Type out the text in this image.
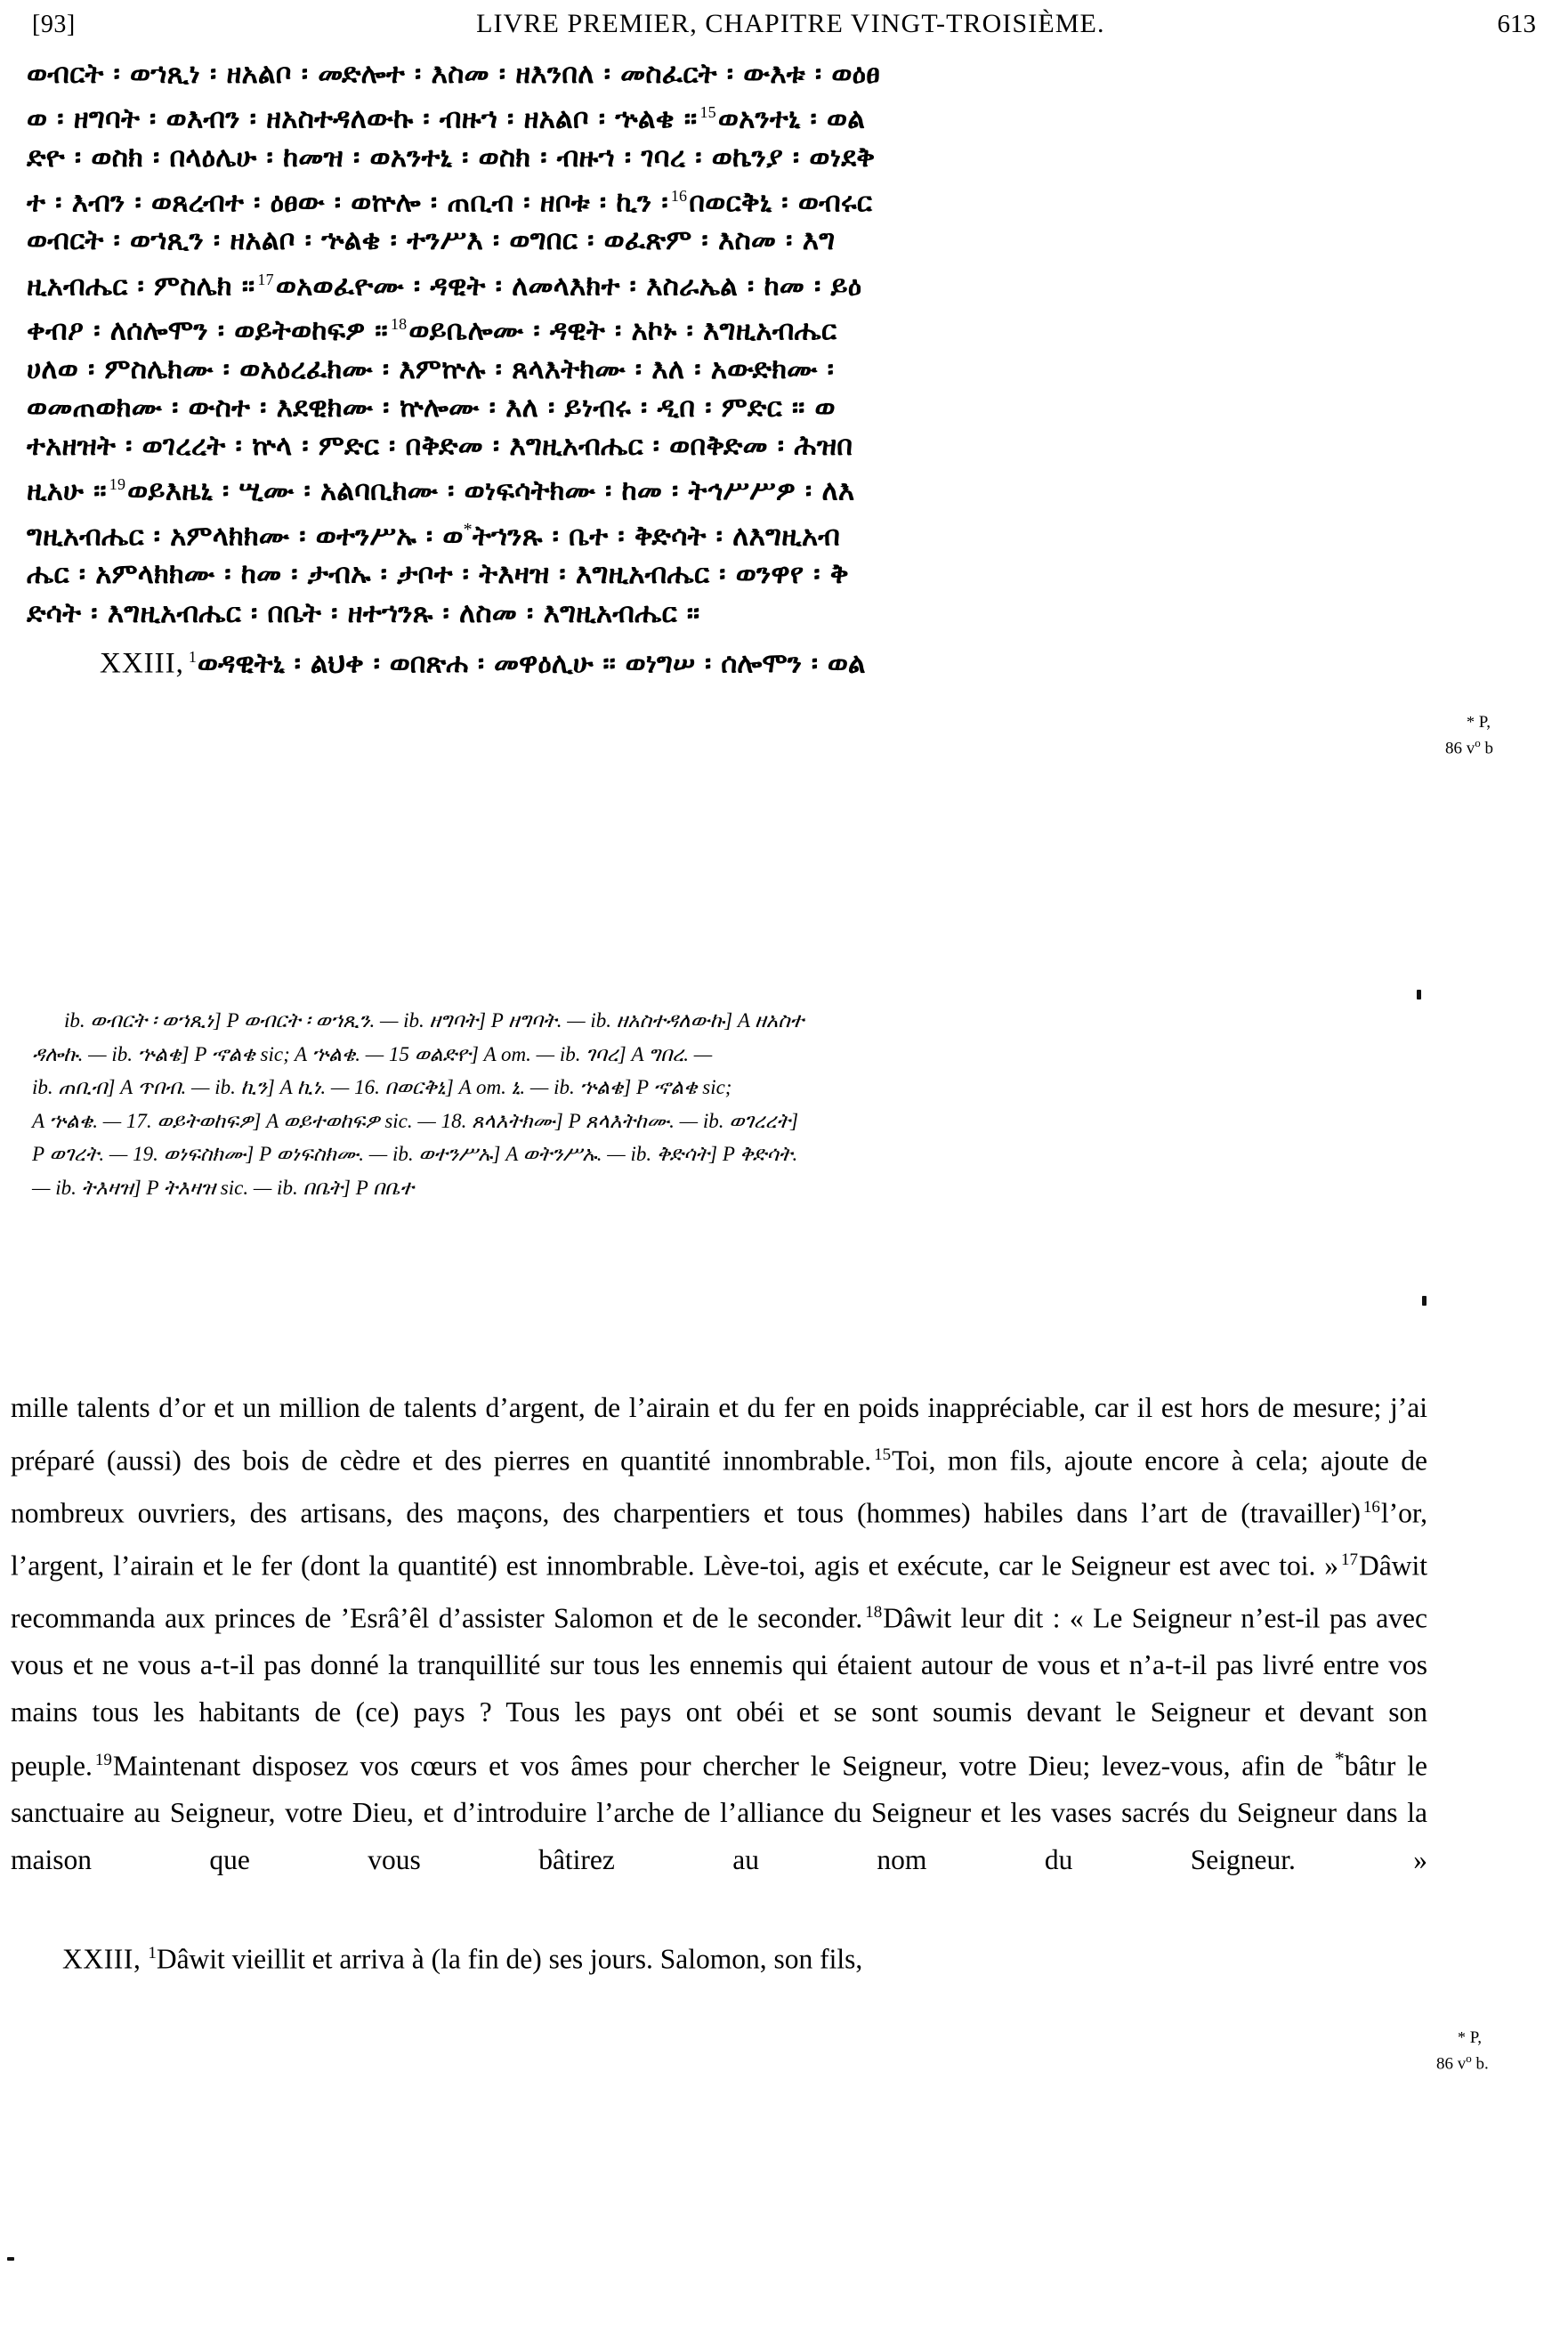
[93]	LIVRE PREMIER, CHAPITRE VINGT-TROISIÈME.	613
ወብርት ፡ ወኀጺነ ፡ ዘአልቦ ፡ መድሎተ ፡ እስመ ፡ ዘእንበለ ፡ መስፈርት ፡ ውእቱ ፡ ወዕፀ
ወ ፡ ዘግባት ፡ ወእብን ፡ ዘአስተዳለውኩ ፡ ብዙኀ ፡ ዘአልቦ ፡ ኍልቄ ። $^{15}$ወአንተኒ ፡ ወል
ድዮ ፡ ወስክ ፡ በላዕሌሁ ፡ ከመዝ ፡ ወአንተኒ ፡ ወስክ ፡ ብዙኀ ፡ ገባረ ፡ ወኬንያ ፡ ወነደቅ
ተ ፡ እብን ፡ ወጸረብተ ፡ ዕፀው ፡ ወኵሎ ፡ ጠቢብ ፡ ዘቦቱ ፡ ኪን ፡ $^{16}$በወርቅኒ ፡ ወብሩር
ወብርት ፡ ወኀጺን ፡ ዘአልቦ ፡ ኍልቄ ፡ ተንሥእ ፡ ወግበር ፡ ወፈጽም ፡ እስመ ፡ እግ
ዚአብሔር ፡ ምስሌክ ። $^{17}$ወአወፈዮሙ ፡ ዳዊት ፡ ለመላእክተ ፡ እስራኤል ፡ ከመ ፡ ይዕ
ቀብዖ ፡ ለሰሎሞን ፡ ወይትወከፍዎ ። $^{18}$ወይቤሎሙ ፡ ዳዊት ፡ አኮኑ ፡ እግዚአብሔር
ሀለወ ፡ ምስሌክሙ ፡ ወአዕረፈክሙ ፡ እምኵሉ ፡ ጸላእትክሙ ፡ እለ ፡ አውድክሙ ፡
ወመጠወክሙ ፡ ውስተ ፡ እደዊክሙ ፡ ኵሎሙ ፡ እለ ፡ ይነብሩ ፡ ዲበ ፡ ምድር ። ወ
ተአዘዝት ፡ ወገረረት ፡ ኵላ ፡ ምድር ፡ በቅድመ ፡ እግዚአብሔር ፡ ወበቅድመ ፡ ሕዝበ
ዚአሁ ። $^{19}$ወይእዜኒ ፡ ሢሙ ፡ አልባቢክሙ ፡ ወነፍሳትክሙ ፡ ከመ ፡ ትኅሥሥዎ ፡ ለእ
ግዚአብሔር ፡ አምላክክሙ ፡ ወተንሥኡ ፡ ወ*ትኀንጹ ፡ ቤተ ፡ ቅድሳት ፡ ለእግዚአብ
ሔር ፡ አምላክክሙ ፡ ከመ ፡ ታብኡ ፡ ታቦተ ፡ ትእዛዝ ፡ እግዚአብሔር ፡ ወንዋየ ፡ ቅ
ድሳት ፡ እግዚአብሔር ፡ በቤት ፡ ዘተኀንጹ ፡ ለስመ ፡ እግዚአብሔር ።
XXIII, $^1$ወዳዊትኒ ፡ ልህቀ ፡ ወበጽሐ ፡ መዋዕሊሁ ። ወነግሠ ፡ ሰሎሞን ፡ ወል
* P,
86 $v^o$ b
* P,
86 $v^o$ b.
ib. ወብርት ፡ ወኀጺነ] P ወብርት ፡ ወኀጺን. — ib. ዘግባት] P ዘግባት. — ib. ዘአስተዳለውኩ] A ዘአስተ
ዳሎኩ. — ib. ኍልቄ] P ኆልቄ sic; A ኍልቄ. — 15 ወልድዮ] A om. — ib. ገባረ] A ግበረ. —
ib. ጠቢብ] A ጥበብ. — ib. ኪን] A ኪነ. — 16. በወርቅኒ] A om. ኒ. — ib. ኍልቄ] P ኆልቄ sic;
A ኍልቄ. — 17. ወይትወከፍዎ] A ወይተወከፍዎ sic. — 18. ጸላእትክሙ] P ጸላእትከሙ. — ib. ወገረረት]
P ወገረት. — 19. ወነፍስክሙ] P ወነፍስክሙ. — ib. ወተንሥኡ] A ወትንሥኡ. — ib. ቅድሳት] P ቅድሳት.
— ib. ትእዛዝ] P ትእዛዝ sic. — ib. በቤት] P በቤተ

mille talents d’or et un million de talents d’argent, de l’airain et du fer en poids inappréciable, car il est hors de mesure; j’ai préparé (aussi) des bois de cèdre et des pierres en quantité innombrable. $^{15}$Toi, mon fils, ajoute encore à cela; ajoute de nombreux ouvriers, des artisans, des maçons, des charpentiers et tous (hommes) habiles dans l’art de (travailler) $^{16}$l’or, l’argent, l’airain et le fer (dont la quantité) est innombrable. Lève-toi, agis et exécute, car le Seigneur est avec toi. » $^{17}$Dâwit recommanda aux princes de ’Esrâ’êl d’assister Salomon et de le seconder. $^{18}$Dâwit leur dit : « Le Seigneur n’est-il pas avec vous et ne vous a-t-il pas donné la tranquillité sur tous les ennemis qui étaient autour de vous et n’a-t-il pas livré entre vos mains tous les habitants de (ce) pays ? Tous les pays ont obéi et se sont soumis devant le Seigneur et devant son peuple. $^{19}$Maintenant disposez vos cœurs et vos âmes pour chercher le Seigneur, votre Dieu; levez-vous, afin de *bâtır le sanctuaire au Seigneur, votre Dieu, et d’introduire l’arche de l’alliance du Seigneur et les vases sacrés du Seigneur dans la maison que vous bâtirez au nom du Seigneur. »

XXIII, $^1$Dâwit vieillit et arriva à (la fin de) ses jours. Salomon, son fils,
